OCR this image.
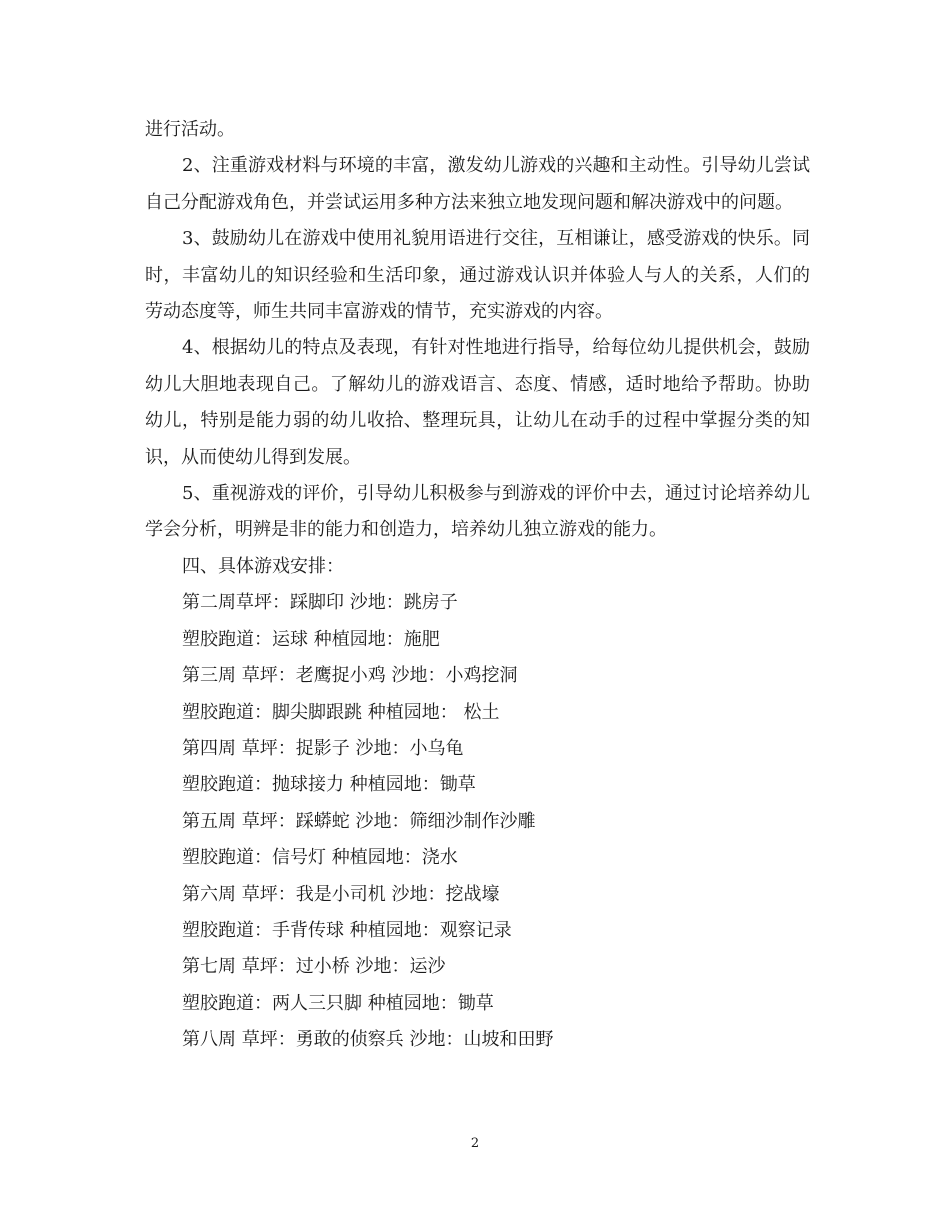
进行活动。

2、注重游戏材料与环境的丰富，激发幼儿游戏的兴趣和主动性。引导幼儿尝试自己分配游戏角色，并尝试运用多种方法来独立地发现问题和解决游戏中的问题。

3、鼓励幼儿在游戏中使用礼貌用语进行交往，互相谦让，感受游戏的快乐。同时，丰富幼儿的知识经验和生活印象，通过游戏认识并体验人与人的关系，人们的劳动态度等，师生共同丰富游戏的情节，充实游戏的内容。

4、根据幼儿的特点及表现，有针对性地进行指导，给每位幼儿提供机会，鼓励幼儿大胆地表现自己。了解幼儿的游戏语言、态度、情感，适时地给予帮助。协助幼儿，特别是能力弱的幼儿收拾、整理玩具，让幼儿在动手的过程中掌握分类的知识，从而使幼儿得到发展。

5、重视游戏的评价，引导幼儿积极参与到游戏的评价中去，通过讨论培养幼儿学会分析，明辨是非的能力和创造力，培养幼儿独立游戏的能力。

四、具体游戏安排：

第二周草坪：踩脚印 沙地：跳房子

塑胶跑道：运球 种植园地：施肥

第三周 草坪：老鹰捉小鸡 沙地：小鸡挖洞

塑胶跑道：脚尖脚跟跳 种植园地： 松土

第四周 草坪：捉影子 沙地：小乌龟

塑胶跑道：抛球接力 种植园地：锄草

第五周 草坪：踩蟒蛇 沙地：筛细沙制作沙雕

塑胶跑道：信号灯 种植园地：浇水

第六周 草坪：我是小司机 沙地：挖战壕

塑胶跑道：手背传球 种植园地：观察记录

第七周 草坪：过小桥 沙地：运沙

塑胶跑道：两人三只脚 种植园地：锄草

第八周 草坪：勇敢的侦察兵 沙地：山坡和田野

2
